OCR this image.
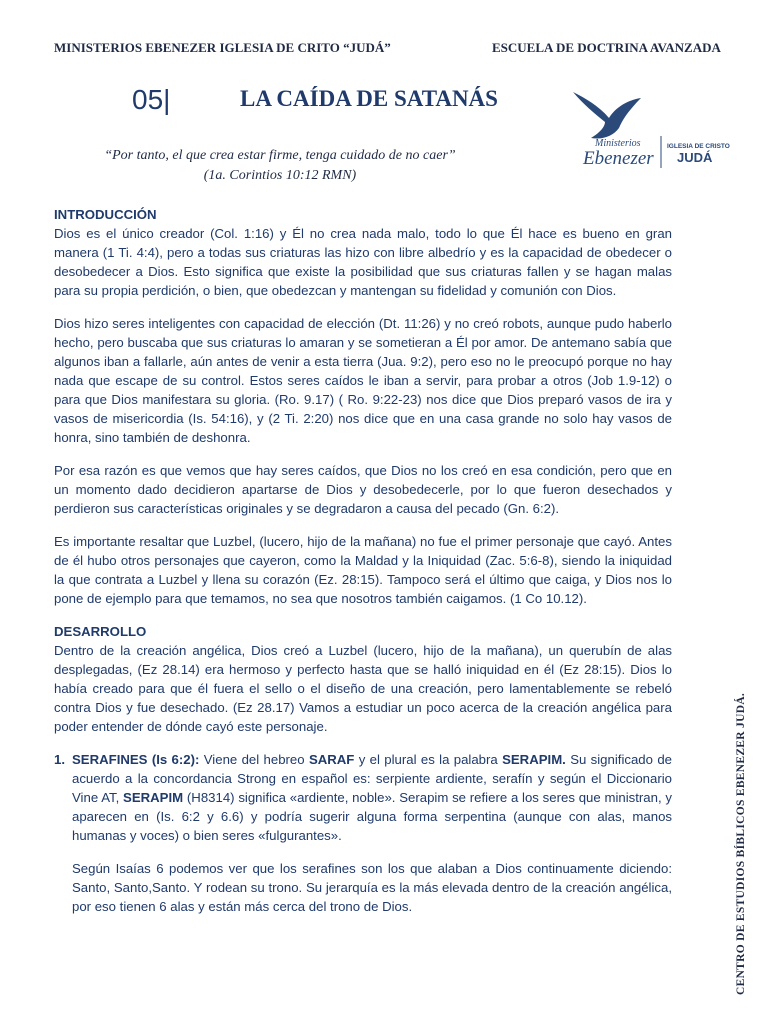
MINISTERIOS EBENEZER IGLESIA DE CRITO “JUDÁ”	ESCUELA DE DOCTRINA AVANZADA
05|	LA CAÍDA DE SATANÁS
Ministerios
Ebenezer
IGLESIA DE CRISTO
JUDÁ
“Por tanto, el que crea estar firme, tenga cuidado de no caer”
(1a. Corintios 10:12 RMN)
INTRODUCCIÓN

Dios es el único creador (Col. 1:16) y Él no crea nada malo, todo lo que Él hace es bueno en gran manera (1 Ti. 4:4), pero a todas sus criaturas las hizo con libre albedrío y es la capacidad de obedecer o desobedecer a Dios. Esto significa que existe la posibilidad que sus criaturas fallen y se hagan malas para su propia perdición, o bien, que obedezcan y mantengan su fidelidad y comunión con Dios.

Dios hizo seres inteligentes con capacidad de elección (Dt. 11:26) y no creó robots, aunque pudo haberlo hecho, pero buscaba que sus criaturas lo amaran y se sometieran a Él por amor. De antemano sabía que algunos iban a fallarle, aún antes de venir a esta tierra (Jua. 9:2), pero eso no le preocupó porque no hay nada que escape de su control. Estos seres caídos le iban a servir, para probar a otros (Job 1.9-12) o para que Dios manifestara su gloria. (Ro. 9.17) ( Ro. 9:22-23) nos dice que Dios preparó vasos de ira y vasos de misericordia (Is. 54:16), y (2 Ti. 2:20) nos dice que en una casa grande no solo hay vasos de honra, sino también de deshonra.

Por esa razón es que vemos que hay seres caídos, que Dios no los creó en esa condición, pero que en un momento dado decidieron apartarse de Dios y desobedecerle, por lo que fueron desechados y perdieron sus características originales y se degradaron a causa del pecado (Gn. 6:2).

Es importante resaltar que Luzbel, (lucero, hijo de la mañana) no fue el primer personaje que cayó. Antes de él hubo otros personajes que cayeron, como la Maldad y la Iniquidad (Zac. 5:6-8), siendo la iniquidad la que contrata a Luzbel y llena su corazón (Ez. 28:15). Tampoco será el último que caiga, y Dios nos lo pone de ejemplo para que temamos, no sea que nosotros también caigamos. (1 Co 10.12).

DESARROLLO

Dentro de la creación angélica, Dios creó a Luzbel (lucero, hijo de la mañana), un querubín de alas desplegadas, (Ez 28.14) era hermoso y perfecto hasta que se halló iniquidad en él (Ez 28:15). Dios lo había creado para que él fuera el sello o el diseño de una creación, pero lamentablemente se rebeló contra Dios y fue desechado. (Ez 28.17) Vamos a estudiar un poco acerca de la creación angélica para poder entender de dónde cayó este personaje.

1. SERAFINES (Is 6:2): Viene del hebreo SARAF y el plural es la palabra SERAPIM. Su significado de acuerdo a la concordancia Strong en español es: serpiente ardiente, serafín y según el Diccionario Vine AT, SERAPIM (H8314) significa «ardiente, noble». Serapim se refiere a los seres que ministran, y aparecen en (Is. 6:2 y 6.6) y podría sugerir alguna forma serpentina (aunque con alas, manos humanas y voces) o bien seres «fulgurantes».

Según Isaías 6 podemos ver que los serafines son los que alaban a Dios continuamente diciendo: Santo, Santo,Santo. Y rodean su trono. Su jerarquía es la más elevada dentro de la creación angélica, por eso tienen 6 alas y están más cerca del trono de Dios.	CENTRO DE ESTUDIOS BÍBLICOS EBENEZER JUDÁ.
